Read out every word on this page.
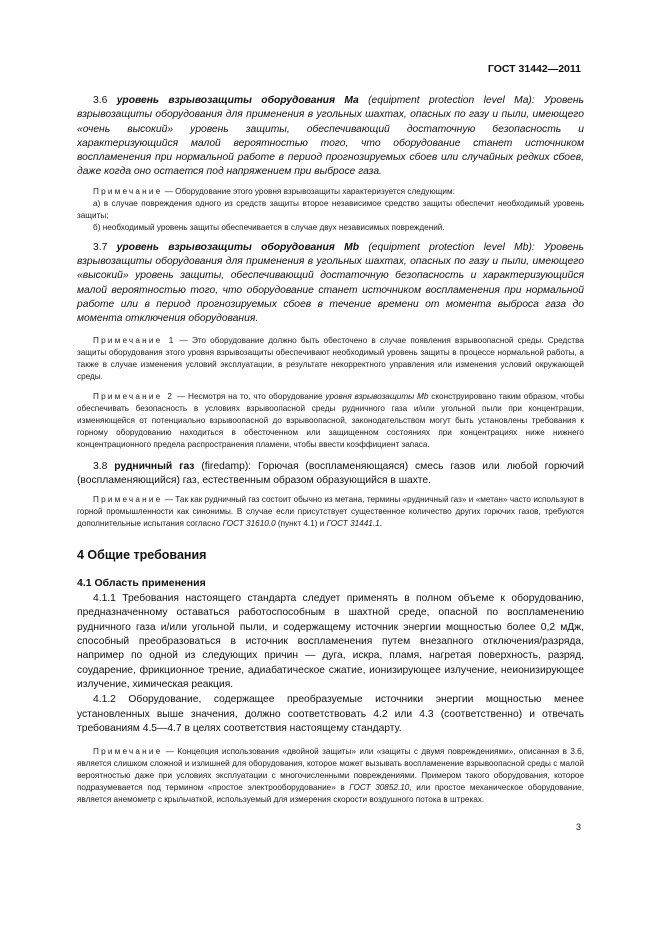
ГОСТ 31442—2011

3.6 уровень взрывозащиты оборудования Ma (equipment protection level Ma): Уровень взрывозащиты оборудования для применения в угольных шахтах, опасных по газу и пыли, имеющего «очень высокий» уровень защиты, обеспечивающий достаточную безопасность и характеризующийся малой вероятностью того, что оборудование станет источником воспламенения при нормальной работе в период прогнозируемых сбоев или случайных редких сбоев, даже когда оно остается под напряжением при выбросе газа.

Примечание — Оборудование этого уровня взрывозащиты характеризуется следующим:

а) в случае повреждения одного из средств защиты второе независимое средство защиты обеспечит необходимый уровень защиты;

б) необходимый уровень защиты обеспечивается в случае двух независимых повреждений.

3.7 уровень взрывозащиты оборудования Mb (equipment protection level Mb): Уровень взрывозащиты оборудования для применения в угольных шахтах, опасных по газу и пыли, имеющего «высокий» уровень защиты, обеспечивающий достаточную безопасность и характеризующийся малой вероятностью того, что оборудование станет источником воспламенения при нормальной работе или в период прогнозируемых сбоев в течение времени от момента выброса газа до момента отключения оборудования.

Примечание 1 — Это оборудование должно быть обесточено в случае появления взрывоопасной среды. Средства защиты оборудования этого уровня взрывозащиты обеспечивают необходимый уровень защиты в процессе нормальной работы, а также в случае изменения условий эксплуатации, в результате некорректного управления или изменения условий окружающей среды.

Примечание 2 — Несмотря на то, что оборудование уровня взрывозащиты Mb сконструировано таким образом, чтобы обеспечивать безопасность в условиях взрывоопасной среды рудничного газа и/или угольной пыли при концентрации, изменяющейся от потенциально взрывоопасной до взрывоопасной, законодательством могут быть установлены требования к горному оборудованию находиться в обесточенном или защищенном состояниях при концентрациях ниже нижнего концентрационного предела распространения пламени, чтобы ввести коэффициент запаса.

3.8 рудничный газ (firedamp): Горючая (воспламеняющаяся) смесь газов или любой горючий (воспламеняющийся) газ, естественным образом образующийся в шахте.

Примечание — Так как рудничный газ состоит обычно из метана, термины «рудничный газ» и «метан» часто используют в горной промышленности как синонимы. В случае если присутствует существенное количество других горючих газов, требуются дополнительные испытания согласно ГОСТ 31610.0 (пункт 4.1) и ГОСТ 31441.1.

4 Общие требования
4.1 Область применения

4.1.1 Требования настоящего стандарта следует применять в полном объеме к оборудованию, предназначенному оставаться работоспособным в шахтной среде, опасной по воспламенению рудничного газа и/или угольной пыли, и содержащему источник энергии мощностью более 0,2 мДж, способный преобразоваться в источник воспламенения путем внезапного отключения/разряда, например по одной из следующих причин — дуга, искра, пламя, нагретая поверхность, разряд, соударение, фрикционное трение, адиабатическое сжатие, ионизирующее излучение, неионизирующее излучение, химическая реакция.

4.1.2 Оборудование, содержащее преобразуемые источники энергии мощностью менее установленных выше значения, должно соответствовать 4.2 или 4.3 (соответственно) и отвечать требованиям 4.5—4.7 в целях соответствия настоящему стандарту.

Примечание — Концепция использования «двойной защиты» или «защиты с двумя повреждениями», описанная в 3.6, является слишком сложной и излишней для оборудования, которое может вызывать воспламенение взрывоопасной среды с малой вероятностью даже при условиях эксплуатации с многочисленными повреждениями. Примером такого оборудования, которое подразумевается под термином «простое электрооборудование» в ГОСТ 30852.10, или простое механическое оборудование, является анемометр с крыльчаткой, используемый для измерения скорости воздушного потока в штреках.

3
